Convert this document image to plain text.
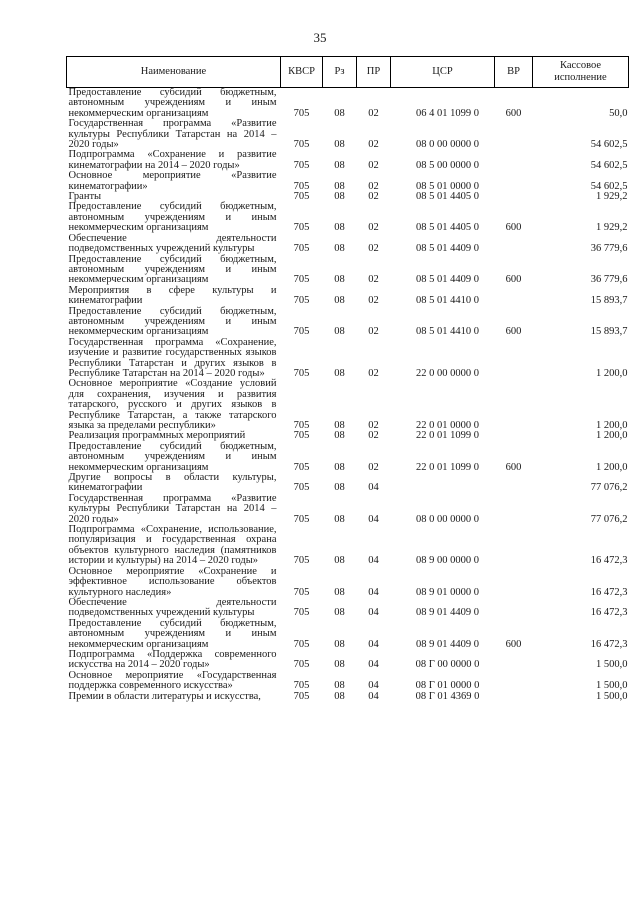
35
Наименование	КВСР	Рз	ПР	ЦСР	ВР	Кассовое исполнение
Предоставление субсидий бюджетным, автономным учреждениям и иным некоммерческим организациям	705	08	02	06 4 01 1099 0	600	50,0
Государственная программа «Развитие культуры Республики Татарстан на 2014 – 2020 годы»	705	08	02	08 0 00 0000 0		54 602,5
Подпрограмма «Сохранение и развитие кинематографии на 2014 – 2020 годы»	705	08	02	08 5 00 0000 0		54 602,5
Основное мероприятие «Развитие кинематографии»	705	08	02	08 5 01 0000 0		54 602,5
Гранты	705	08	02	08 5 01 4405 0		1 929,2
Предоставление субсидий бюджетным, автономным учреждениям и иным некоммерческим организациям	705	08	02	08 5 01 4405 0	600	1 929,2
Обеспечение деятельности подведомственных учреждений культуры	705	08	02	08 5 01 4409 0		36 779,6
Предоставление субсидий бюджетным, автономным учреждениям и иным некоммерческим организациям	705	08	02	08 5 01 4409 0	600	36 779,6
Мероприятия в сфере культуры и кинематографии	705	08	02	08 5 01 4410 0		15 893,7
Предоставление субсидий бюджетным, автономным учреждениям и иным некоммерческим организациям	705	08	02	08 5 01 4410 0	600	15 893,7
Государственная программа «Сохранение, изучение и развитие государственных языков Республики Татарстан и других языков в Республике Татарстан на 2014 – 2020 годы»	705	08	02	22 0 00 0000 0		1 200,0
Основное мероприятие «Создание условий для сохранения, изучения и развития татарского, русского и других языков в Республике Татарстан, а также татарского языка за пределами республики»	705	08	02	22 0 01 0000 0		1 200,0
Реализация программных мероприятий	705	08	02	22 0 01 1099 0		1 200,0
Предоставление субсидий бюджетным, автономным учреждениям и иным некоммерческим организациям	705	08	02	22 0 01 1099 0	600	1 200,0
Другие вопросы в области культуры, кинематографии	705	08	04			77 076,2
Государственная программа «Развитие культуры Республики Татарстан на 2014 – 2020 годы»	705	08	04	08 0 00 0000 0		77 076,2
Подпрограмма «Сохранение, использование, популяризация и государственная охрана объектов культурного наследия (памятников истории и культуры) на 2014 – 2020 годы»	705	08	04	08 9 00 0000 0		16 472,3
Основное мероприятие «Сохранение и эффективное использование объектов культурного наследия»	705	08	04	08 9 01 0000 0		16 472,3
Обеспечение деятельности подведомственных учреждений культуры	705	08	04	08 9 01 4409 0		16 472,3
Предоставление субсидий бюджетным, автономным учреждениям и иным некоммерческим организациям	705	08	04	08 9 01 4409 0	600	16 472,3
Подпрограмма «Поддержка современного искусства на 2014 – 2020 годы»	705	08	04	08 Г 00 0000 0		1 500,0
Основное мероприятие «Государственная поддержка современного искусства»	705	08	04	08 Г 01 0000 0		1 500,0
Премии в области литературы и искусства,	705	08	04	08 Г 01 4369 0		1 500,0
